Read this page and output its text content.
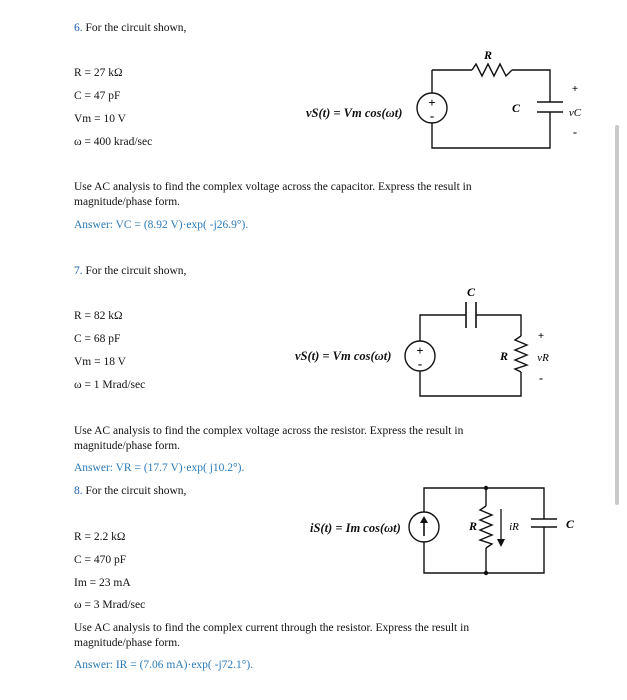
6. For the circuit shown,
R = 27 kΩ
C = 47 pF
Vm = 10 V
ω = 400 krad/sec
vS(t) = Vm cos(ωt)
R
C
+
-
+
vC
-
Use AC analysis to find the complex voltage across the capacitor. Express the result in magnitude/phase form.
Answer: VC = (8.92 V)·exp( -j26.9°).
7. For the circuit shown,
R = 82 kΩ
C = 68 pF
Vm = 18 V
ω = 1 Mrad/sec
vS(t) = Vm cos(ωt)
C
R
+
-
+
vR
-
Use AC analysis to find the complex voltage across the resistor. Express the result in magnitude/phase form.
Answer: VR = (17.7 V)·exp( j10.2°).
8. For the circuit shown,
iS(t) = Im cos(ωt)	R	iR	C
R = 2.2 kΩ
C = 470 pF
Im = 23 mA
ω = 3 Mrad/sec
Use AC analysis to find the complex current through the resistor. Express the result in magnitude/phase form.
Answer: IR = (7.06 mA)·exp( -j72.1°).
